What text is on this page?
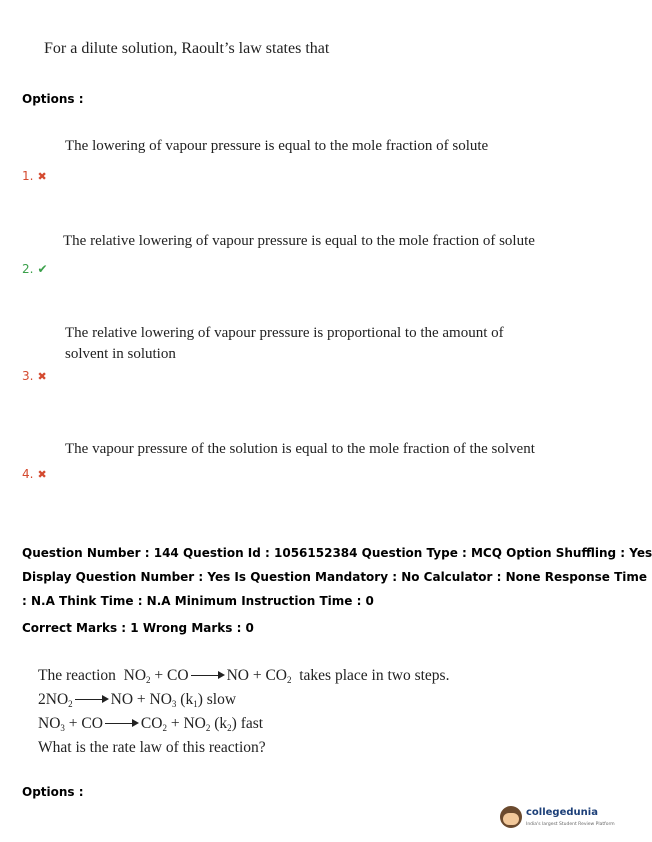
For a dilute solution, Raoult’s law states that
Options :
The lowering of vapour pressure is equal to the mole fraction of solute
1. ✖
The relative lowering of vapour pressure is equal to the mole fraction of solute
2. ✔
The relative lowering of vapour pressure is proportional to the amount of
solvent in solution
3. ✖
The vapour pressure of the solution is equal to the mole fraction of the solvent
4. ✖
Question Number : 144 Question Id : 1056152384 Question Type : MCQ Option Shuffling : Yes
Display Question Number : Yes Is Question Mandatory : No Calculator : None Response Time
: N.A Think Time : N.A Minimum Instruction Time : 0
Correct Marks : 1 Wrong Marks : 0
The reaction  $NO_2$ + CO NO + $CO_2$ takes place in two steps.
$2NO_2$ NO + $NO_3$ $(k_1)$ slow
$NO_3$ + CO $CO_2 + NO_2$ $(k_2)$ fast
What is the rate law of this reaction?
Options :
collegedunia
India's largest Student Review Platform
